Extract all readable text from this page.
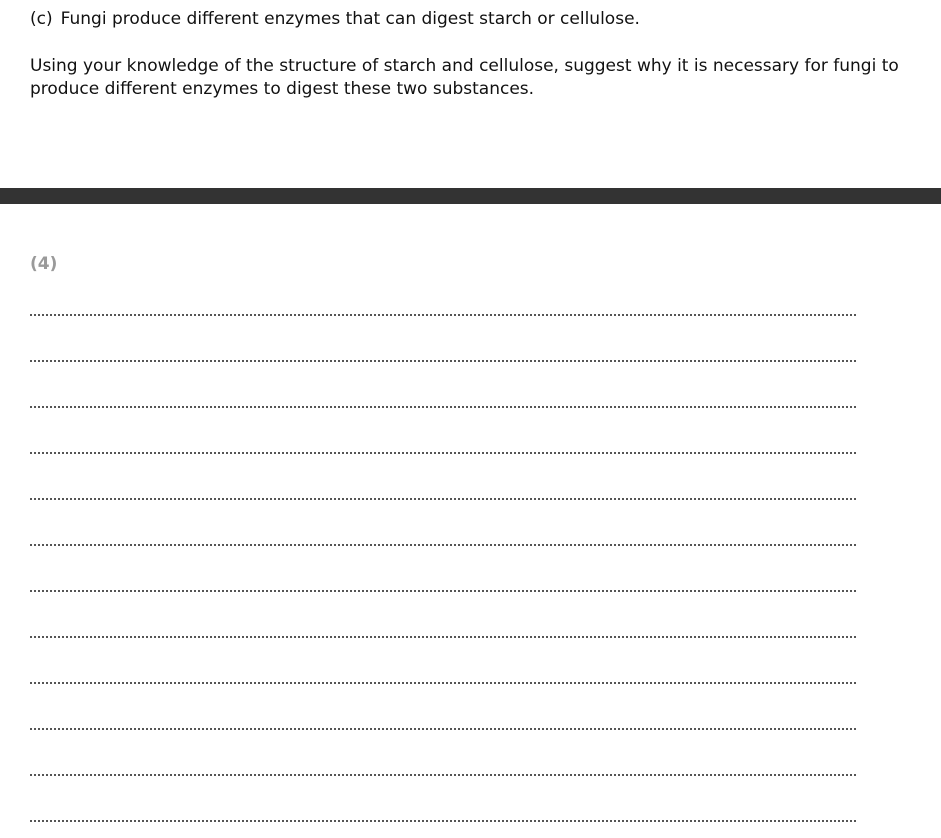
(c) Fungi produce different enzymes that can digest starch or cellulose.
Using your knowledge of the structure of starch and cellulose, suggest why it is necessary for fungi to produce different enzymes to digest these two substances.
(4)
